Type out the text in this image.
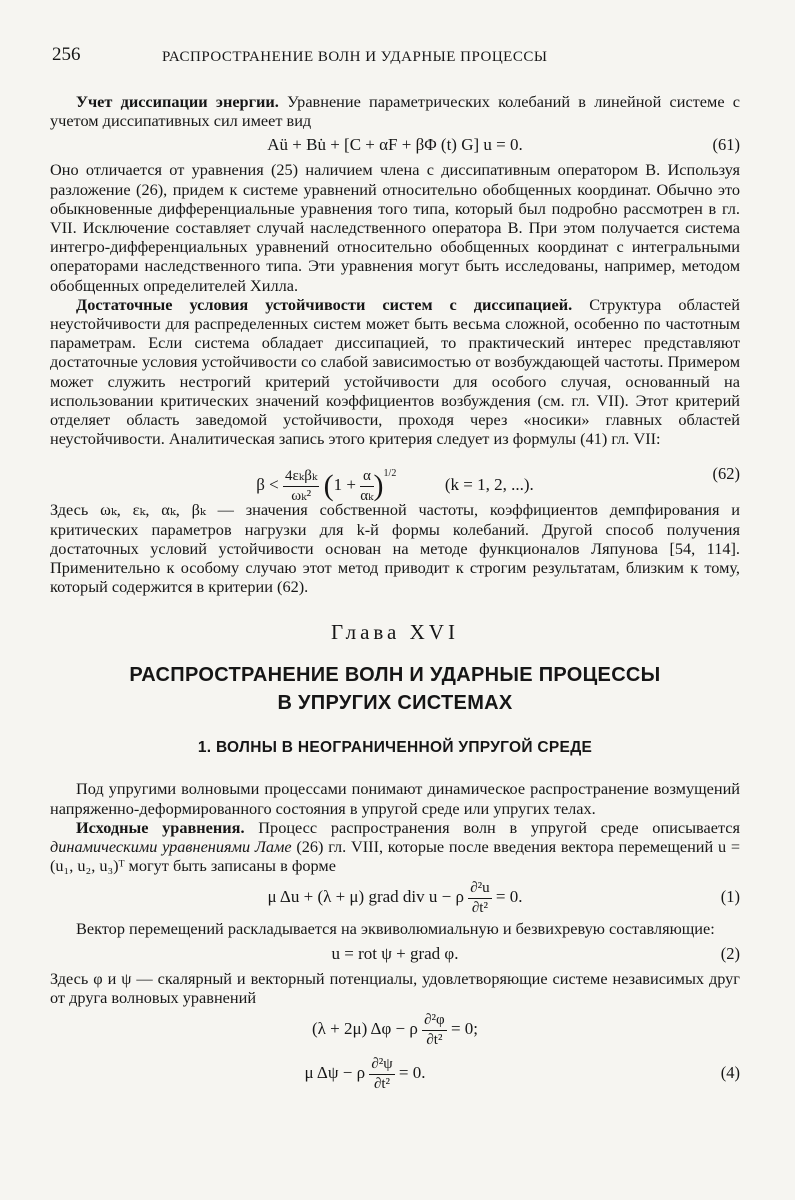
256	РАСПРОСТРАНЕНИЕ ВОЛН И УДАРНЫЕ ПРОЦЕССЫ

Учет диссипации энергии. Уравнение параметрических колебаний в линейной системе с учетом диссипативных сил имеет вид

Aü + Bu̇ + [C + αF + βΦ (t) G] u = 0.	(61)

Оно отличается от уравнения (25) наличием члена с диссипативным оператором B. Используя разложение (26), придем к системе уравнений относительно обобщенных координат. Обычно это обыкновенные дифференциальные уравнения того типа, который был подробно рассмотрен в гл. VII. Исключение составляет случай наследственного оператора B. При этом получается система интегро-дифференциальных уравнений относительно обобщенных координат с интегральными операторами наследственного типа. Эти уравнения могут быть исследованы, например, методом обобщенных определителей Хилла.

Достаточные условия устойчивости систем с диссипацией. Структура областей неустойчивости для распределенных систем может быть весьма сложной, особенно по частотным параметрам. Если система обладает диссипацией, то практический интерес представляют достаточные условия устойчивости со слабой зависимостью от возбуждающей частоты. Примером может служить нестрогий критерий устойчивости для особого случая, основанный на использовании критических значений коэффициентов возбуждения (см. гл. VII). Этот критерий отделяет область заведомой устойчивости, проходя через «носики» главных областей неустойчивости. Аналитическая запись этого критерия следует из формулы (41) гл. VII:

$\beta < \frac{\text{4εₖβₖ}}{\text{ωₖ²}} (1 + \frac{\alpha}{\text{αₖ}} )^{1/2}$  (k = 1, 2, ...).
(62)

Здесь ωₖ, εₖ, αₖ, βₖ — значения собственной частоты, коэффициентов демпфирования и критических параметров нагрузки для k-й формы колебаний. Другой способ получения достаточных условий устойчивости основан на методе функционалов Ляпунова [54, 114]. Применительно к особому случаю этот метод приводит к строгим результатам, близким к тому, который содержится в критерии (62).

Глава XVI
РАСПРОСТРАНЕНИЕ ВОЛН И УДАРНЫЕ ПРОЦЕССЫ
В УПРУГИХ СИСТЕМАХ
1. ВОЛНЫ В НЕОГРАНИЧЕННОЙ УПРУГОЙ СРЕДЕ

Под упругими волновыми процессами понимают динамическое распространение возмущений напряженно-деформированного состояния в упругой среде или упругих телах.

Исходные уравнения. Процесс распространения волн в упругой среде описывается динамическими уравнениями Ламе (26) гл. VIII, которые после введения вектора перемещений u = (u₁, u₂, u₃)ᵀ могут быть записаны в форме

μ Δu + (λ + μ) grad div u − ρ $\frac{\text{∂²u}}{\text{∂t²}} = 0$.	(1)

Вектор перемещений раскладывается на эквиволюмиальную и безвихревую составляющие:

u = rot ψ + grad φ.	(2)

Здесь φ и ψ — скалярный и векторный потенциалы, удовлетворяющие системе независимых друг от друга волновых уравнений

(λ + 2μ) Δφ − ρ $\frac{\text{∂²φ}}{\text{∂t²}} = 0$;
μ Δψ − ρ $\frac{\text{∂²ψ}}{\text{∂t²}} = 0$.	(4)
